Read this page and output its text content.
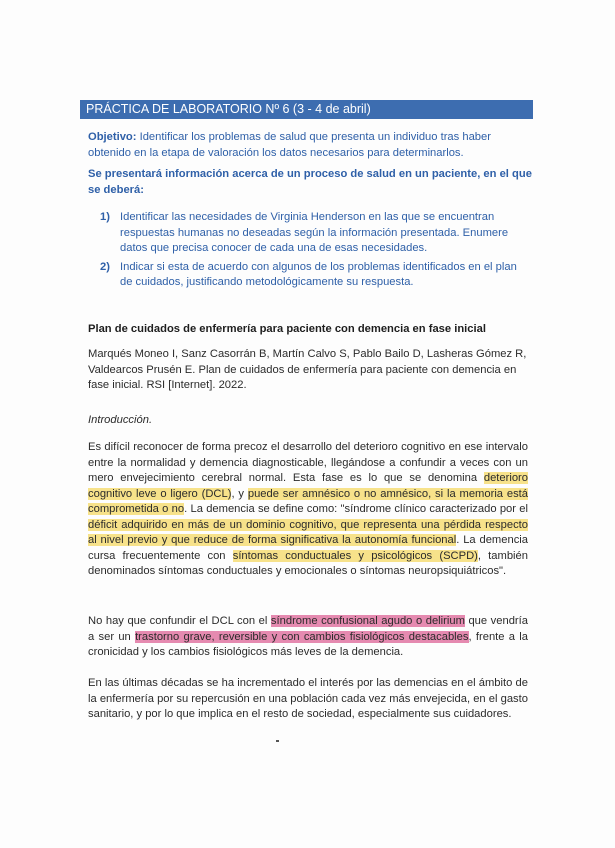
PRÁCTICA DE LABORATORIO Nº 6 (3 - 4 de abril)
Objetivo: Identificar los problemas de salud que presenta un individuo tras haber obtenido en la etapa de valoración los datos necesarios para determinarlos.
Se presentará información acerca de un proceso de salud en un paciente, en el que se deberá:
1) Identificar las necesidades de Virginia Henderson en las que se encuentran respuestas humanas no deseadas según la información presentada. Enumere datos que precisa conocer de cada una de esas necesidades.
2) Indicar si esta de acuerdo con algunos de los problemas identificados en el plan de cuidados, justificando metodológicamente su respuesta.
Plan de cuidados de enfermería para paciente con demencia en fase inicial
Marqués Moneo I, Sanz Casorrán B, Martín Calvo S, Pablo Bailo D, Lasheras Gómez R, Valdearcos Prusén E. Plan de cuidados de enfermería para paciente con demencia en fase inicial. RSI [Internet]. 2022.
Introducción.
Es difícil reconocer de forma precoz el desarrollo del deterioro cognitivo en ese intervalo entre la normalidad y demencia diagnosticable, llegándose a confundir a veces con un mero envejecimiento cerebral normal. Esta fase es lo que se denomina deterioro cognitivo leve o ligero (DCL), y puede ser amnésico o no amnésico, si la memoria está comprometida o no. La demencia se define como: "síndrome clínico caracterizado por el déficit adquirido en más de un dominio cognitivo, que representa una pérdida respecto al nivel previo y que reduce de forma significativa la autonomía funcional. La demencia cursa frecuentemente con síntomas conductuales y psicológicos (SCPD), también denominados síntomas conductuales y emocionales o síntomas neuropsiquiátricos".
No hay que confundir el DCL con el síndrome confusional agudo o delirium que vendría a ser un trastorno grave, reversible y con cambios fisiológicos destacables, frente a la cronicidad y los cambios fisiológicos más leves de la demencia.
En las últimas décadas se ha incrementado el interés por las demencias en el ámbito de la enfermería por su repercusión en una población cada vez más envejecida, en el gasto sanitario, y por lo que implica en el resto de sociedad, especialmente sus cuidadores.
